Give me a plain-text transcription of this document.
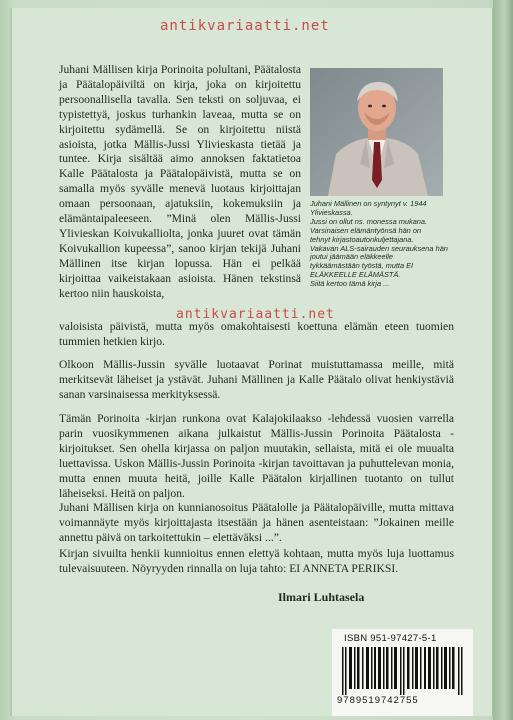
antikvariaatti.net

Juhani Mällisen kirja Porinoita polultani, Päätalosta ja Päätalopäiviltä on kirja, joka on kirjoitettu persoonallisella tavalla. Sen teksti on soljuvaa, ei typistettyä, joskus turhankin laveaa, mutta se on kirjoitettu sydämellä. Se on kirjoitettu niistä asioista, jotka Mällis-Jussi Ylivieskasta tietää ja tuntee. Kirja sisältää aimo annoksen faktatietoa Kalle Päätalosta ja Päätalopäivistä, mutta se on samalla myös syvälle menevä luotaus kirjoittajan omaan persoonaan, ajatuksiin, kokemuksiin ja elämäntaipaleeseen. ”Minä olen Mällis-Jussi Ylivieskan Koivukalliolta, jonka juuret ovat tämän Koivukallion kupeessa”, sanoo kirjan tekijä Juhani Mällinen itse kirjan lopussa. Hän ei pelkää kirjoittaa vaikeistakaan asioista. Hänen tekstinsä kertoo niin hauskoista,

antikvariaatti.net
Juhani Mällinen on syntynyt v. 1944
Ylivieskassa.
Jussi on ollut ns. monessa mukana.
Varsinaisen elämäntyönsä hän on
tehnyt kirjastoautonkuljettajana.
Vakavan ALS-sairauden seurauksena hän joutui jäämään eläkkeelle
tykkäämästään työstä, mutta EI
ELÄKKEELLE ELÄMÄSTÄ.
Siitä kertoo tämä kirja ...

valoisista päivistä, mutta myös omakohtaisesti koettuna elämän eteen tuomien tummien hetkien kirjo.

Olkoon Mällis-Jussin syvälle luotaavat Porinat muistuttamassa meille, mitä merkitsevät läheiset ja ystävät. Juhani Mällinen ja Kalle Päätalo olivat henkiystäviä sanan varsinaisessa merkityksessä.

Tämän Porinoita -kirjan runkona ovat Kalajokilaakso -lehdessä vuosien varrella parin vuosikymmenen aikana julkaistut Mällis-Jussin Porinoita Päätalosta -kirjoitukset. Sen ohella kirjassa on paljon muutakin, sellaista, mitä ei ole muualta luettavissa. Uskon Mällis-Jussin Porinoita -kirjan tavoittavan ja puhuttelevan monia, mutta ennen muuta heitä, joille Kalle Päätalon kirjallinen tuotanto on tullut läheiseksi. Heitä on paljon.

Juhani Mällisen kirja on kunnianosoitus Päätalolle ja Päätalopäiville, mutta mittava voimannäyte myös kirjoittajasta itsestään ja hänen asenteistaan: ”Jokainen meille annettu päivä on tarkoitettukin – elettäväksi ...”.

Kirjan sivuilta henkii kunnioitus ennen elettyä kohtaan, mutta myös luja luottamus tulevaisuuteen. Nöyryyden rinnalla on luja tahto: EI ANNETA PERIKSI.

Ilmari Luhtasela
ISBN 951-97427-5-1
9789519742755
